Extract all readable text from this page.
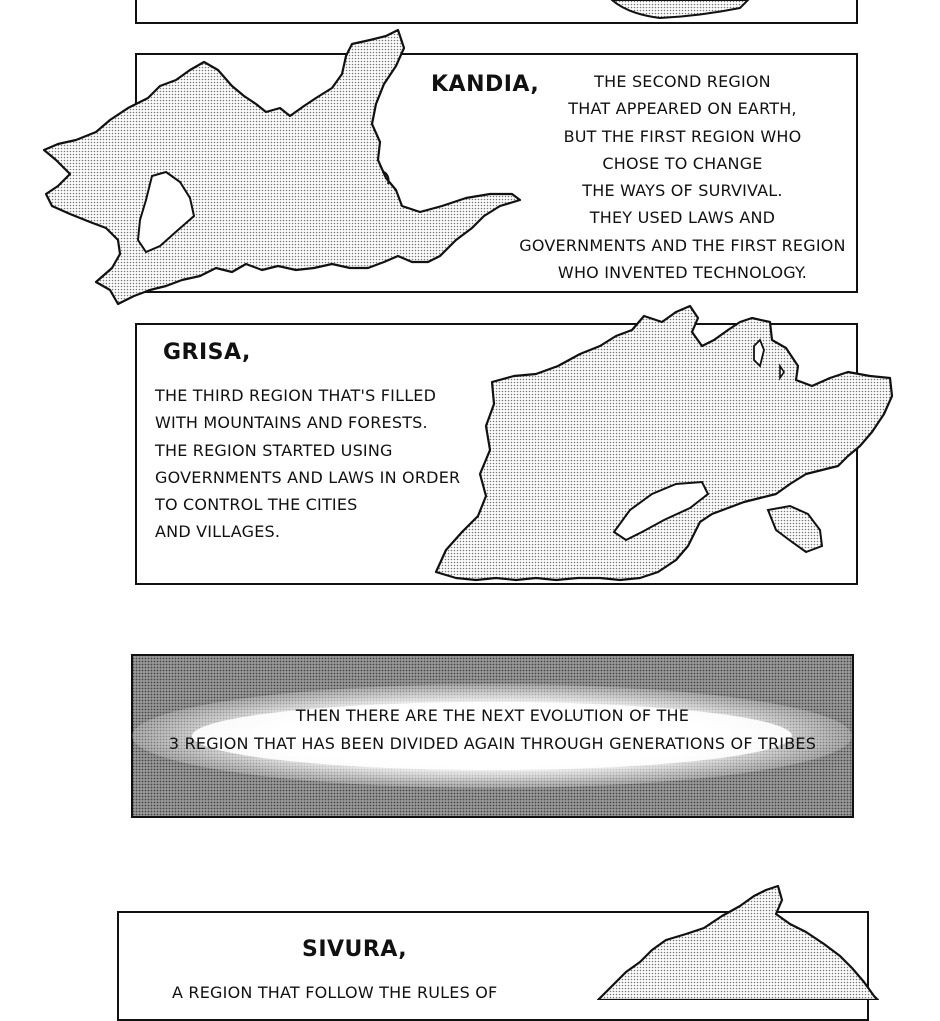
KANDIA,	THE SECOND REGION
THAT APPEARED ON EARTH,
BUT THE FIRST REGION WHO
CHOSE TO CHANGE
THE WAYS OF SURVIVAL.
THEY USED LAWS AND
GOVERNMENTS AND THE FIRST REGION
WHO INVENTED TECHNOLOGY.
GRISA,
THE THIRD REGION THAT'S FILLED
WITH MOUNTAINS AND FORESTS.
THE REGION STARTED USING
GOVERNMENTS AND LAWS IN ORDER
TO CONTROL THE CITIES
AND VILLAGES.
THEN THERE ARE THE NEXT EVOLUTION OF THE
3 REGION THAT HAS BEEN DIVIDED AGAIN THROUGH GENERATIONS OF TRIBES
SIVURA,
A REGION THAT FOLLOW THE RULES OF
